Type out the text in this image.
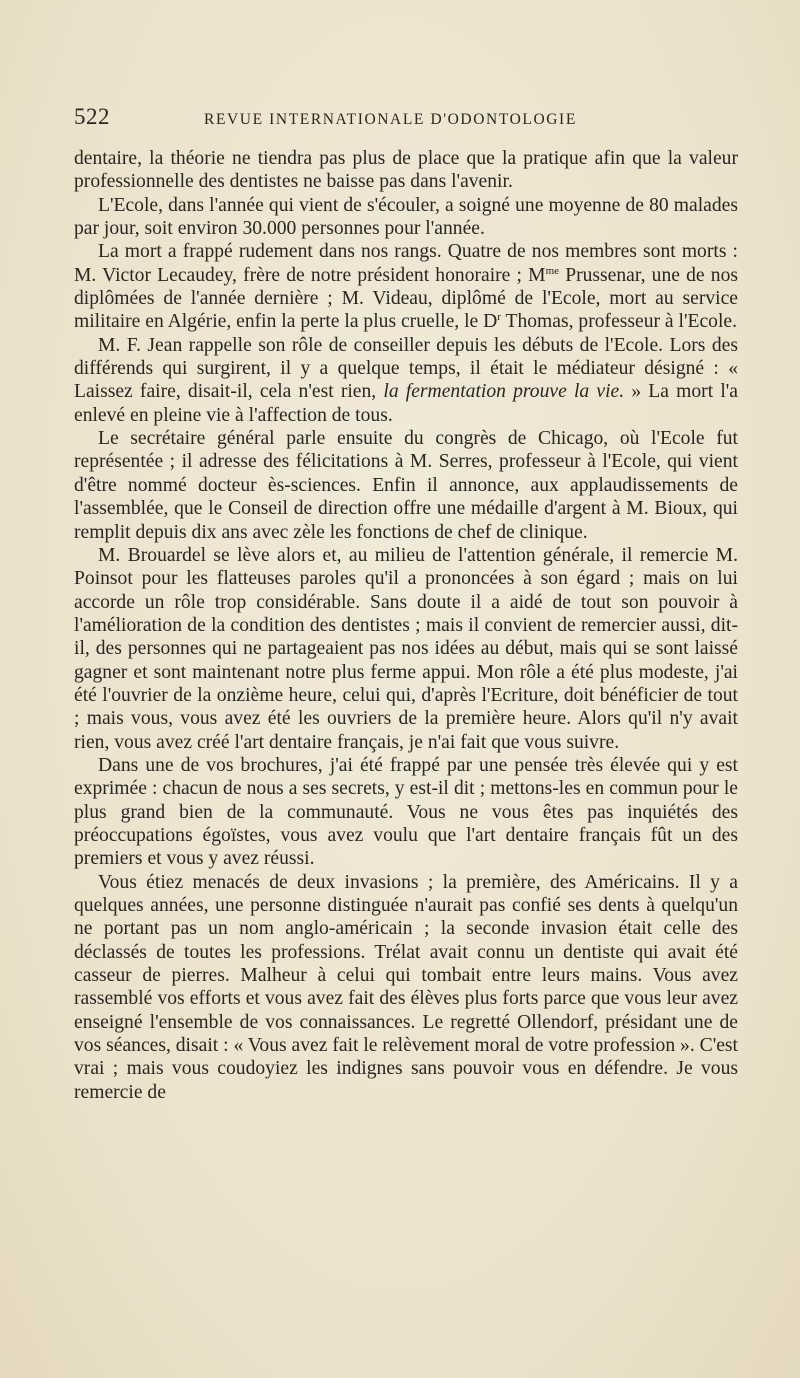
522	REVUE INTERNATIONALE D'ODONTOLOGIE

dentaire, la théorie ne tiendra pas plus de place que la pratique afin que la valeur professionnelle des dentistes ne baisse pas dans l'avenir.

L'Ecole, dans l'année qui vient de s'écouler, a soigné une moyenne de 80 malades par jour, soit environ 30.000 personnes pour l'année.

La mort a frappé rudement dans nos rangs. Quatre de nos membres sont morts : M. Victor Lecaudey, frère de notre président honoraire ; $M^{me}$ Prussenar, une de nos diplômées de l'année dernière ; M. Videau, diplômé de l'Ecole, mort au service militaire en Algérie, enfin la perte la plus cruelle, le $D^r$ Thomas, professeur à l'Ecole.

M. F. Jean rappelle son rôle de conseiller depuis les débuts de l'Ecole. Lors des différends qui surgirent, il y a quelque temps, il était le médiateur désigné : « Laissez faire, disait-il, cela n'est rien, la fermentation prouve la vie. » La mort l'a enlevé en pleine vie à l'affection de tous.

Le secrétaire général parle ensuite du congrès de Chicago, où l'Ecole fut représentée ; il adresse des félicitations à M. Serres, professeur à l'Ecole, qui vient d'être nommé docteur ès-sciences. Enfin il annonce, aux applaudissements de l'assemblée, que le Conseil de direction offre une médaille d'argent à M. Bioux, qui remplit depuis dix ans avec zèle les fonctions de chef de clinique.

M. Brouardel se lève alors et, au milieu de l'attention générale, il remercie M. Poinsot pour les flatteuses paroles qu'il a prononcées à son égard ; mais on lui accorde un rôle trop considérable. Sans doute il a aidé de tout son pouvoir à l'amélioration de la condition des dentistes ; mais il convient de remercier aussi, dit-il, des personnes qui ne partageaient pas nos idées au début, mais qui se sont laissé gagner et sont maintenant notre plus ferme appui. Mon rôle a été plus modeste, j'ai été l'ouvrier de la onzième heure, celui qui, d'après l'Ecriture, doit bénéficier de tout ; mais vous, vous avez été les ouvriers de la première heure. Alors qu'il n'y avait rien, vous avez créé l'art dentaire français, je n'ai fait que vous suivre.

Dans une de vos brochures, j'ai été frappé par une pensée très élevée qui y est exprimée : chacun de nous a ses secrets, y est-il dit ; mettons-les en commun pour le plus grand bien de la communauté. Vous ne vous êtes pas inquiétés des préoccupations égoïstes, vous avez voulu que l'art dentaire français fût un des premiers et vous y avez réussi.

Vous étiez menacés de deux invasions ; la première, des Américains. Il y a quelques années, une personne distinguée n'aurait pas confié ses dents à quelqu'un ne portant pas un nom anglo-américain ; la seconde invasion était celle des déclassés de toutes les professions. Trélat avait connu un dentiste qui avait été casseur de pierres. Malheur à celui qui tombait entre leurs mains. Vous avez rassemblé vos efforts et vous avez fait des élèves plus forts parce que vous leur avez enseigné l'ensemble de vos connaissances. Le regretté Ollendorf, présidant une de vos séances, disait : « Vous avez fait le relèvement moral de votre profession ». C'est vrai ; mais vous coudoyiez les indignes sans pouvoir vous en défendre. Je vous remercie de
